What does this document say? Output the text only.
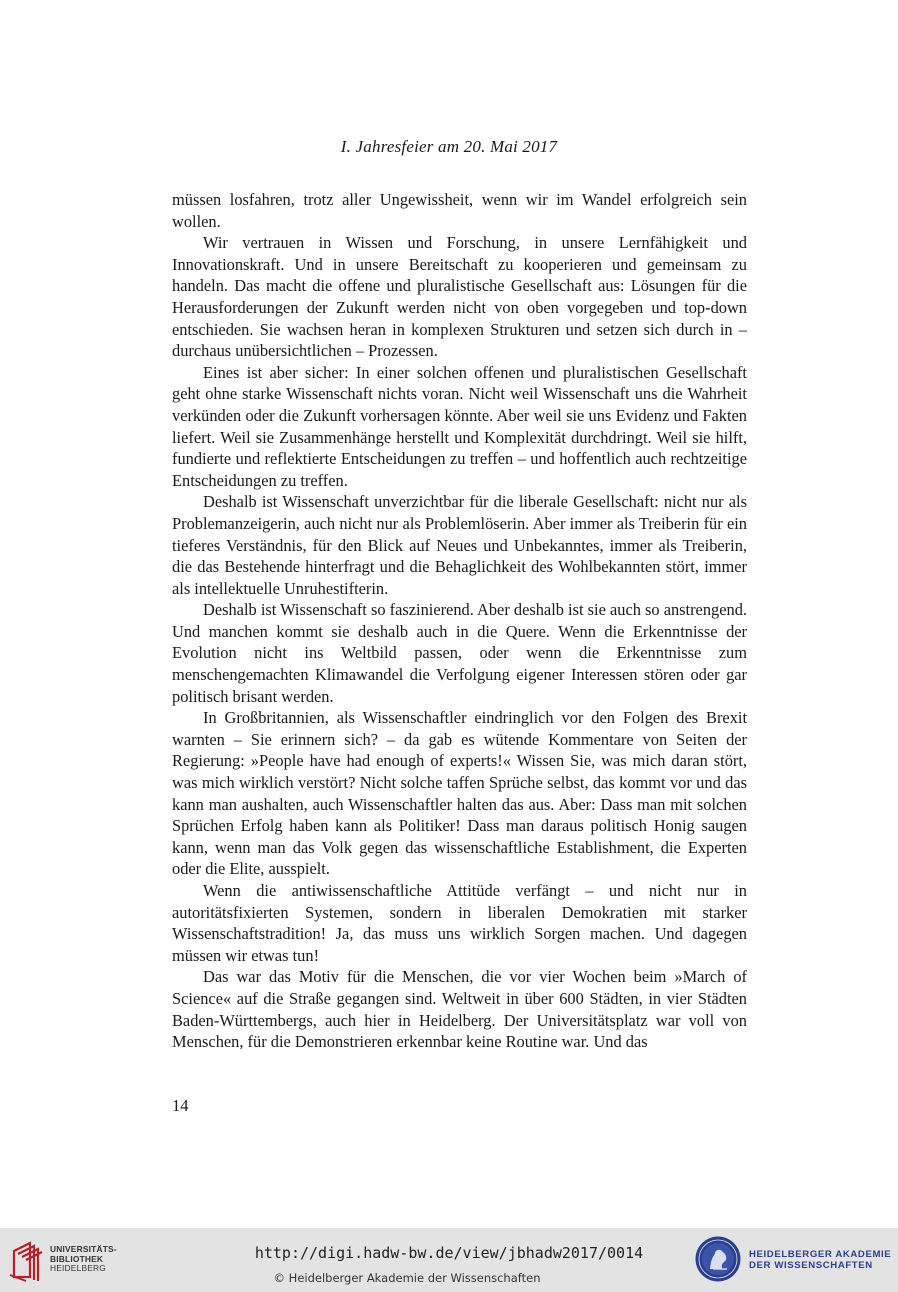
I. Jahresfeier am 20. Mai 2017

müssen losfahren, trotz aller Ungewissheit, wenn wir im Wandel erfolgreich sein wollen.

Wir vertrauen in Wissen und Forschung, in unsere Lernfähigkeit und Innovationskraft. Und in unsere Bereitschaft zu kooperieren und gemeinsam zu handeln. Das macht die offene und pluralistische Gesellschaft aus: Lösungen für die Herausforderungen der Zukunft werden nicht von oben vorgegeben und top-down entschieden. Sie wachsen heran in komplexen Strukturen und setzen sich durch in – durchaus unübersichtlichen – Prozessen.

Eines ist aber sicher: In einer solchen offenen und pluralistischen Gesellschaft geht ohne starke Wissenschaft nichts voran. Nicht weil Wissenschaft uns die Wahrheit verkünden oder die Zukunft vorhersagen könnte. Aber weil sie uns Evidenz und Fakten liefert. Weil sie Zusammenhänge herstellt und Komplexität durchdringt. Weil sie hilft, fundierte und reflektierte Entscheidungen zu treffen – und hoffentlich auch rechtzeitige Entscheidungen zu treffen.

Deshalb ist Wissenschaft unverzichtbar für die liberale Gesellschaft: nicht nur als Problemanzeigerin, auch nicht nur als Problemlöserin. Aber immer als Treiberin für ein tieferes Verständnis, für den Blick auf Neues und Unbekanntes, immer als Treiberin, die das Bestehende hinterfragt und die Behaglichkeit des Wohlbekannten stört, immer als intellektuelle Unruhestifterin.

Deshalb ist Wissenschaft so faszinierend. Aber deshalb ist sie auch so anstrengend. Und manchen kommt sie deshalb auch in die Quere. Wenn die Erkenntnisse der Evolution nicht ins Weltbild passen, oder wenn die Erkenntnisse zum menschengemachten Klimawandel die Verfolgung eigener Interessen stören oder gar politisch brisant werden.

In Großbritannien, als Wissenschaftler eindringlich vor den Folgen des Brexit warnten – Sie erinnern sich? – da gab es wütende Kommentare von Seiten der Regierung: »People have had enough of experts!« Wissen Sie, was mich daran stört, was mich wirklich verstört? Nicht solche taffen Sprüche selbst, das kommt vor und das kann man aushalten, auch Wissenschaftler halten das aus. Aber: Dass man mit solchen Sprüchen Erfolg haben kann als Politiker! Dass man daraus politisch Honig saugen kann, wenn man das Volk gegen das wissenschaftliche Establishment, die Experten oder die Elite, ausspielt.

Wenn die antiwissenschaftliche Attitüde verfängt – und nicht nur in autoritätsfixierten Systemen, sondern in liberalen Demokratien mit starker Wissenschaftstradition! Ja, das muss uns wirklich Sorgen machen. Und dagegen müssen wir etwas tun!

Das war das Motiv für die Menschen, die vor vier Wochen beim »March of Science« auf die Straße gegangen sind. Weltweit in über 600 Städten, in vier Städten Baden-Württembergs, auch hier in Heidelberg. Der Universitätsplatz war voll von Menschen, für die Demonstrieren erkennbar keine Routine war. Und das

14
UNIVERSITÄTS-
BIBLIOTHEK
HEIDELBERG
http://digi.hadw-bw.de/view/jbhadw2017/0014
© Heidelberger Akademie der Wissenschaften
HEIDELBERGER AKADEMIE
DER WISSENSCHAFTEN
